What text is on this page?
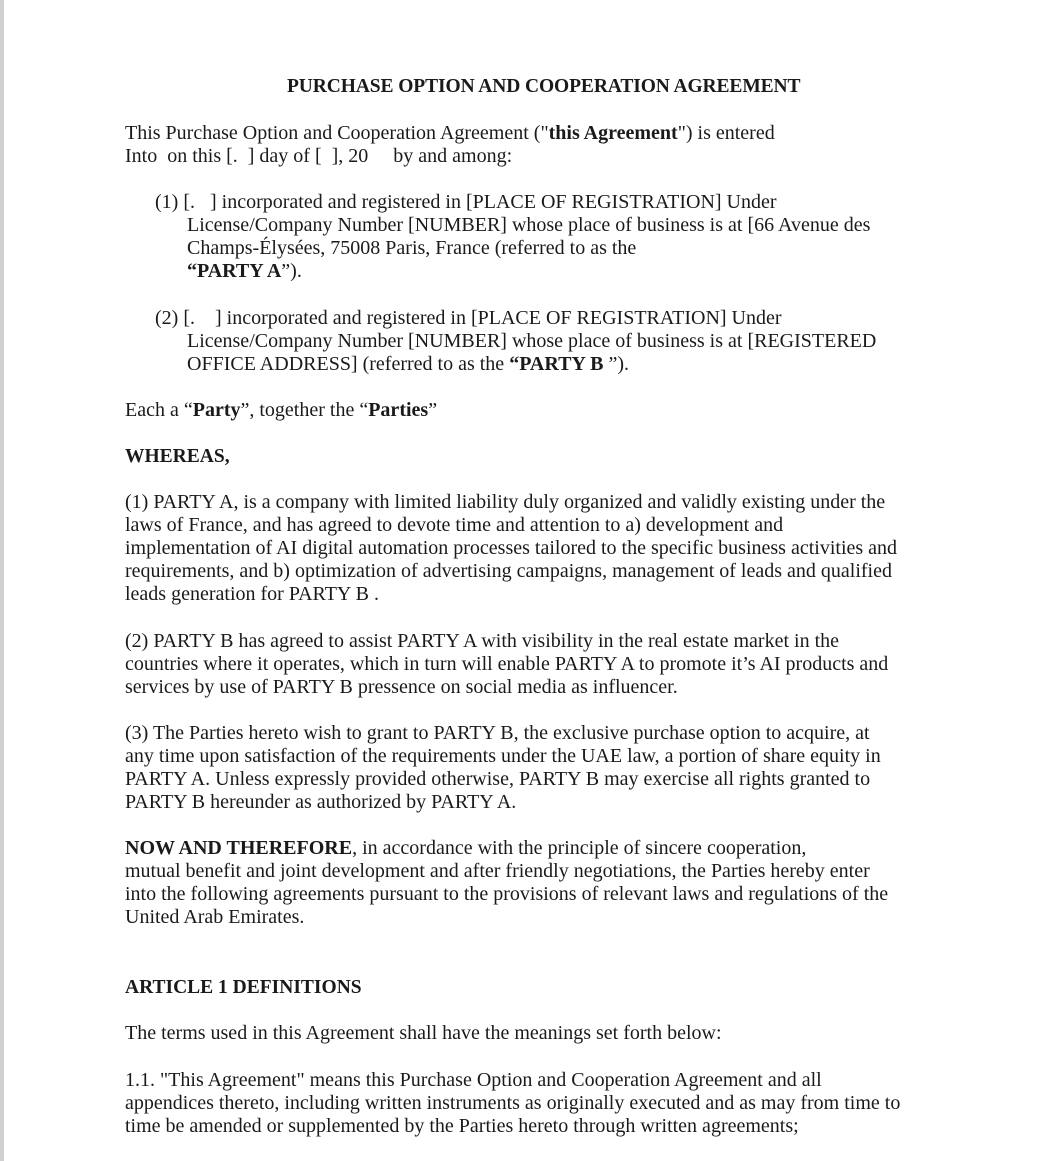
PURCHASE OPTION AND COOPERATION AGREEMENT

This Purchase Option and Cooperation Agreement ("this Agreement") is entered

Into  on this [.  ] day of [  ], 20     by and among:

(1) [.   ] incorporated and registered in [PLACE OF REGISTRATION] Under

License/Company Number [NUMBER] whose place of business is at [66 Avenue des

Champs-Élysées, 75008 Paris, France (referred to as the

“PARTY A”).

(2) [.    ] incorporated and registered in [PLACE OF REGISTRATION] Under

License/Company Number [NUMBER] whose place of business is at [REGISTERED

OFFICE ADDRESS] (referred to as the “PARTY B ”).

Each a “Party”, together the “Parties”

WHEREAS,

(1) PARTY A, is a company with limited liability duly organized and validly existing under the

laws of France, and has agreed to devote time and attention to a) development and

implementation of AI digital automation processes tailored to the specific business activities and

requirements, and b) optimization of advertising campaigns, management of leads and qualified

leads generation for PARTY B .

(2) PARTY B has agreed to assist PARTY A with visibility in the real estate market in the

countries where it operates, which in turn will enable PARTY A to promote it’s AI products and

services by use of PARTY B pressence on social media as influencer.

(3) The Parties hereto wish to grant to PARTY B, the exclusive purchase option to acquire, at

any time upon satisfaction of the requirements under the UAE law, a portion of share equity in

PARTY A. Unless expressly provided otherwise, PARTY B may exercise all rights granted to

PARTY B hereunder as authorized by PARTY A.

NOW AND THEREFORE, in accordance with the principle of sincere cooperation,

mutual benefit and joint development and after friendly negotiations, the Parties hereby enter

into the following agreements pursuant to the provisions of relevant laws and regulations of the

United Arab Emirates.

ARTICLE 1 DEFINITIONS

The terms used in this Agreement shall have the meanings set forth below:

1.1. "This Agreement" means this Purchase Option and Cooperation Agreement and all

appendices thereto, including written instruments as originally executed and as may from time to

time be amended or supplemented by the Parties hereto through written agreements;
